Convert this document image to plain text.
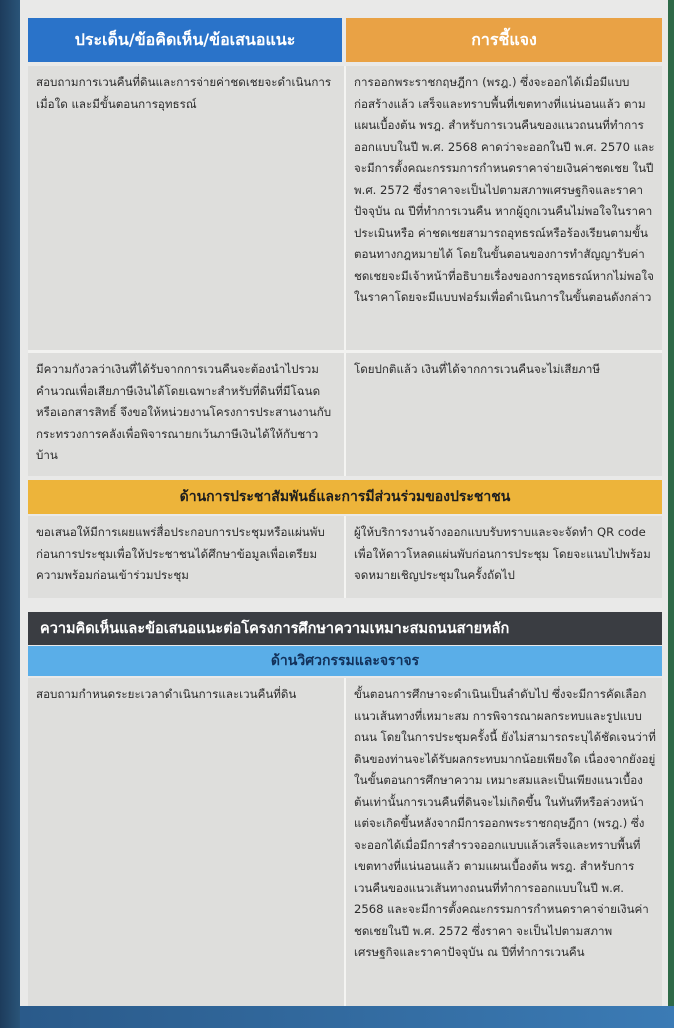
ประเด็น/ข้อคิดเห็น/ข้อเสนอแนะ	การชี้แจง
สอบถามการเวนคืนที่ดินและการจ่ายค่าชดเชยจะดำเนินการเมื่อใด และมีขั้นตอนการอุทธรณ์
การออกพระราชกฤษฎีกา (พรฎ.) ซึ่งจะออกได้เมื่อมีแบบก่อสร้างแล้ว เสร็จและทราบพื้นที่เขตทางที่แน่นอนแล้ว ตามแผนเบื้องต้น พรฎ. สำหรับการเวนคืนของแนวถนนที่ทำการออกแบบในปี พ.ศ. 2568 คาดว่าจะออกในปี พ.ศ. 2570 และจะมีการตั้งคณะกรรมการกำหนดราคาจ่ายเงินค่าชดเชย ในปี พ.ศ. 2572 ซึ่งราคาจะเป็นไปตามสภาพเศรษฐกิจและราคาปัจจุบัน ณ ปีที่ทำการเวนคืน หากผู้ถูกเวนคืนไม่พอใจในราคาประเมินหรือ ค่าชดเชยสามารถอุทธรณ์หรือร้องเรียนตามขั้นตอนทางกฎหมายได้ โดยในขั้นตอนของการทำสัญญารับค่าชดเชยจะมีเจ้าหน้าที่อธิบายเรื่องของการอุทธรณ์หากไม่พอใจในราคาโดยจะมีแบบฟอร์มเพื่อดำเนินการในขั้นตอนดังกล่าว
มีความกังวลว่าเงินที่ได้รับจากการเวนคืนจะต้องนำไปรวมคำนวณเพื่อเสียภาษีเงินได้โดยเฉพาะสำหรับที่ดินที่มีโฉนดหรือเอกสารสิทธิ์ จึงขอให้หน่วยงานโครงการประสานงานกับกระทรวงการคลังเพื่อพิจารณายกเว้นภาษีเงินได้ให้กับชาวบ้าน
โดยปกติแล้ว เงินที่ได้จากการเวนคืนจะไม่เสียภาษี
ด้านการประชาสัมพันธ์และการมีส่วนร่วมของประชาชน
ขอเสนอให้มีการเผยแพร่สื่อประกอบการประชุมหรือแผ่นพับก่อนการประชุมเพื่อให้ประชาชนได้ศึกษาข้อมูลเพื่อเตรียมความพร้อมก่อนเข้าร่วมประชุม
ผู้ให้บริการงานจ้างออกแบบรับทราบและจะจัดทำ QR code เพื่อให้ดาวโหลดแผ่นพับก่อนการประชุม โดยจะแนบไปพร้อมจดหมายเชิญประชุมในครั้งถัดไป
ความคิดเห็นและข้อเสนอแนะต่อโครงการศึกษาความเหมาะสมถนนสายหลัก
ด้านวิศวกรรมและจราจร
สอบถามกำหนดระยะเวลาดำเนินการและเวนคืนที่ดิน	ขั้นตอนการศึกษาจะดำเนินเป็นลำดับไป ซึ่งจะมีการคัดเลือกแนวเส้นทางที่เหมาะสม การพิจารณาผลกระทบและรูปแบบถนน โดยในการประชุมครั้งนี้ ยังไม่สามารถระบุได้ชัดเจนว่าที่ดินของท่านจะได้รับผลกระทบมากน้อยเพียงใด เนื่องจากยังอยู่ในขั้นตอนการศึกษาความ เหมาะสมและเป็นเพียงแนวเบื้องต้นเท่านั้นการเวนคืนที่ดินจะไม่เกิดขึ้น ในทันทีหรือล่วงหน้า แต่จะเกิดขึ้นหลังจากมีการออกพระราชกฤษฎีกา (พรฎ.) ซึ่งจะออกได้เมื่อมีการสำรวจออกแบบแล้วเสร็จและทราบพื้นที่เขตทางที่แน่นอนแล้ว ตามแผนเบื้องต้น พรฎ. สำหรับการเวนคืนของแนวเส้นทางถนนที่ทำการออกแบบในปี พ.ศ. 2568 และจะมีการตั้งคณะกรรมการกำหนดราคาจ่ายเงินค่าชดเชยในปี พ.ศ. 2572 ซึ่งราคา จะเป็นไปตามสภาพเศรษฐกิจและราคาปัจจุบัน ณ ปีที่ทำการเวนคืน
